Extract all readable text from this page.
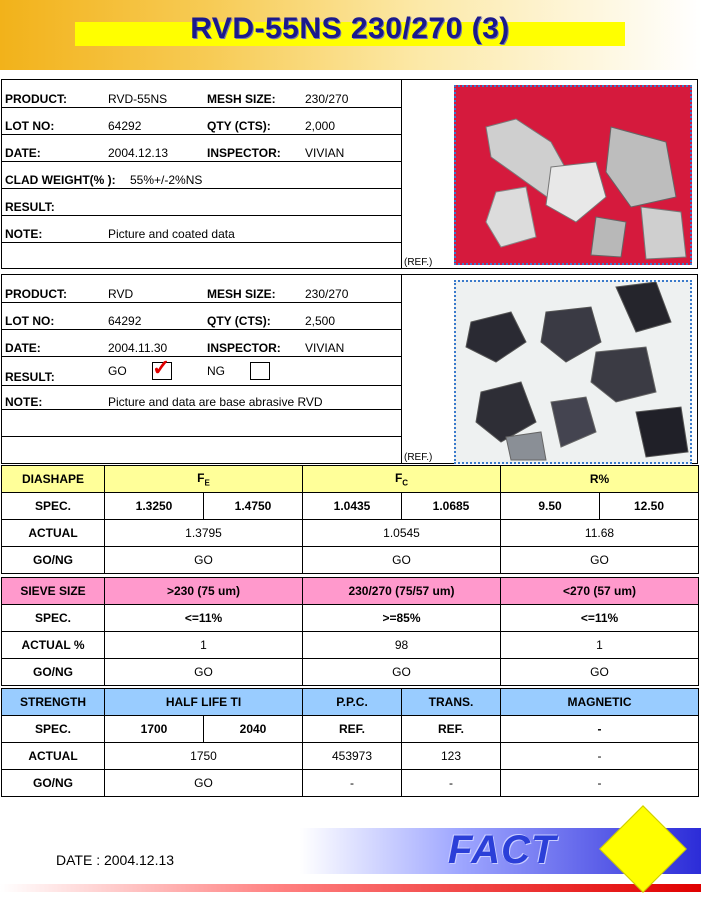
RVD-55NS 230/270 (3)
PRODUCT:	RVD-55NS	MESH SIZE: 230/270
LOT NO:	64292	QTY (CTS):	2,000
DATE:	2004.12.13	INSPECTOR: VIVIAN
CLAD WEIGHT(% ): 55%+/-2%NS
RESULT:
NOTE:	Picture and coated data
(REF.)
PRODUCT:	RVD	MESH SIZE: 230/270
LOT NO:	64292	QTY (CTS):	2,500
DATE:	2004.11.30	INSPECTOR: VIVIAN
RESULT:	GO ✓	NG
NOTE:	Picture and data are base abrasive RVD
(REF.)
DIASHAPE	$F_E$		$F_C$		R%	
SPEC.	1.3250	1.4750	1.0435	1.0685	9.50	12.50
ACTUAL	1.3795		1.0545		11.68	
GO/NG	GO		GO		GO	
SIEVE SIZE	>230 (75 um)	230/270 (75/57 um)	<270 (57 um)
SPEC.	<=11%	>=85%	<=11%
ACTUAL %	1	98	1
GO/NG	GO	GO	GO
STRENGTH	HALF LIFE TI		P.P.C.	TRANS.	MAGNETIC
SPEC.	1700	2040	REF.	REF.	-
ACTUAL	1750		453973	123	-
GO/NG	GO		-	-	-
DATE : 2004.12.13	FACT
